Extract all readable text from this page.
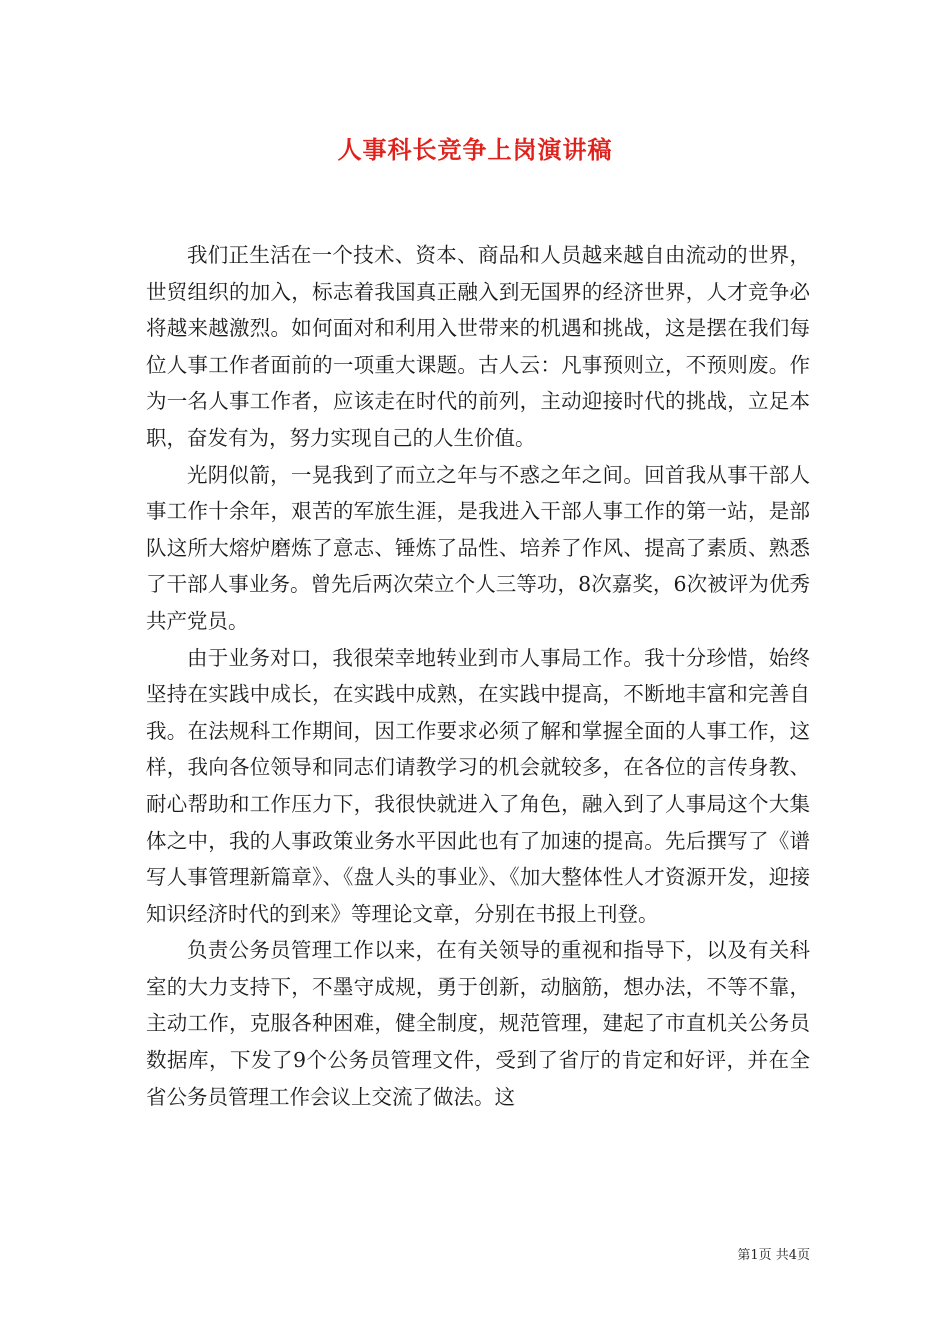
人事科长竞争上岗演讲稿

我们正生活在一个技术、资本、商品和人员越来越自由流动的世界，世贸组织的加入，标志着我国真正融入到无国界的经济世界，人才竞争必将越来越激烈。如何面对和利用入世带来的机遇和挑战，这是摆在我们每位人事工作者面前的一项重大课题。古人云：凡事预则立，不预则废。作为一名人事工作者，应该走在时代的前列，主动迎接时代的挑战，立足本职，奋发有为，努力实现自己的人生价值。

光阴似箭，一晃我到了而立之年与不惑之年之间。回首我从事干部人事工作十余年，艰苦的军旅生涯，是我进入干部人事工作的第一站，是部队这所大熔炉磨炼了意志、锤炼了品性、培养了作风、提高了素质、熟悉了干部人事业务。曾先后两次荣立个人三等功，8次嘉奖，6次被评为优秀共产党员。

由于业务对口，我很荣幸地转业到市人事局工作。我十分珍惜，始终坚持在实践中成长，在实践中成熟，在实践中提高，不断地丰富和完善自我。在法规科工作期间，因工作要求必须了解和掌握全面的人事工作，这样，我向各位领导和同志们请教学习的机会就较多，在各位的言传身教、耐心帮助和工作压力下，我很快就进入了角色，融入到了人事局这个大集体之中，我的人事政策业务水平因此也有了加速的提高。先后撰写了《谱写人事管理新篇章》、《盘人头的事业》、《加大整体性人才资源开发，迎接知识经济时代的到来》等理论文章，分别在书报上刊登。

负责公务员管理工作以来，在有关领导的重视和指导下，以及有关科室的大力支持下，不墨守成规，勇于创新，动脑筋，想办法，不等不靠，主动工作，克服各种困难，健全制度，规范管理，建起了市直机关公务员数据库，下发了9个公务员管理文件，受到了省厅的肯定和好评，并在全省公务员管理工作会议上交流了做法。这

第1页 共4页
